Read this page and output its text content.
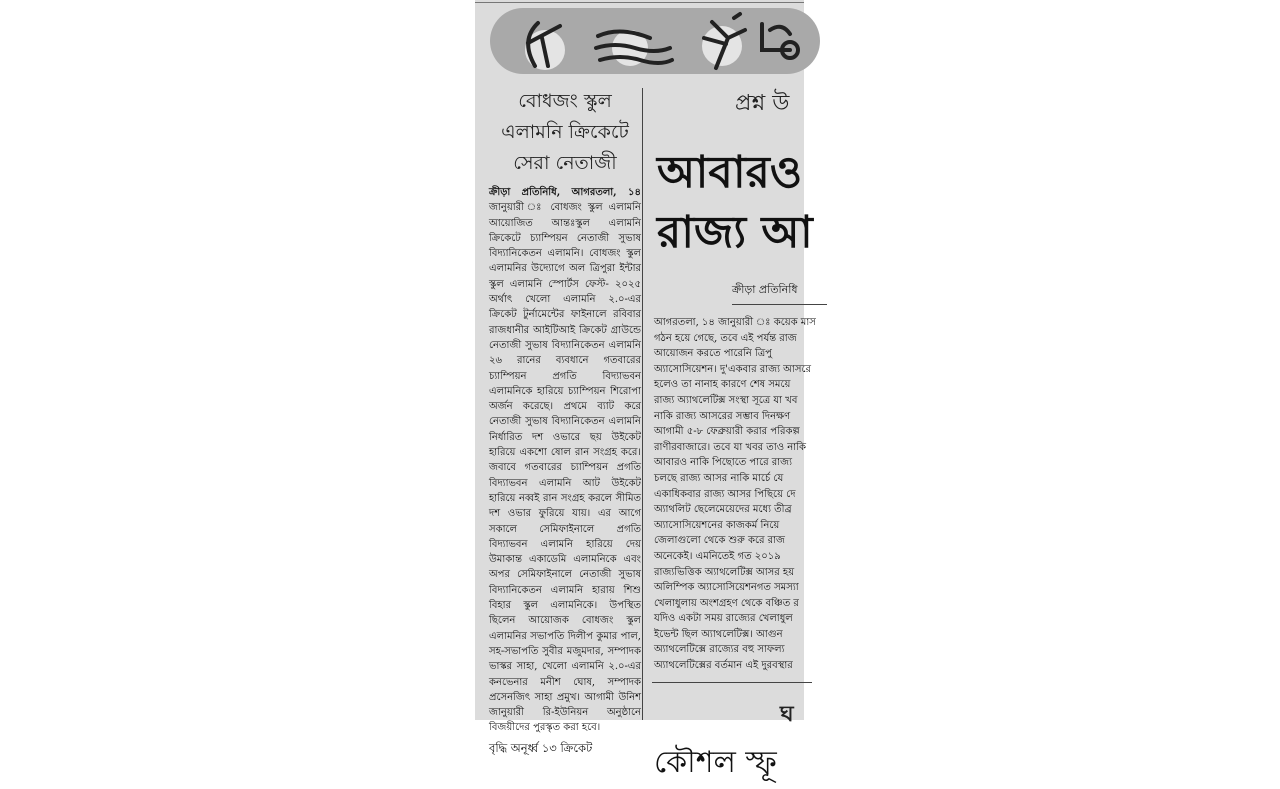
বোধজং স্কুল

এলামনি ক্রিকেটে

সেরা নেতাজী

ক্রীড়া প্রতিনিধি, আগরতলা, ১৪ জানুয়ারী ঃ বোধজং স্কুল এলামনি আয়োজিত আন্তঃস্কুল এলামনি ক্রিকেটে চ্যাম্পিয়ন নেতাজী সুভাষ বিদ্যানিকেতন এলামনি। বোধজং স্কুল এলামনির উদ্যোগে অল ত্রিপুরা ইন্টার স্কুল এলামনি স্পোর্টস ফেস্ট- ২০২৫ অর্থাৎ খেলো এলামনি ২.০-এর ক্রিকেট টুর্নামেন্টের ফাইনালে রবিবার রাজধানীর আইটিআই ক্রিকেট গ্রাউন্ডে নেতাজী সুভাষ বিদ্যানিকেতন এলামনি ২৬ রানের ব্যবধানে গতবারের চ্যাম্পিয়ন প্রগতি বিদ্যাভবন এলামনিকে হারিয়ে চ্যাম্পিয়ন শিরোপা অর্জন করেছে। প্রথমে ব্যাট করে নেতাজী সুভাষ বিদ্যানিকেতন এলামনি নির্ধারিত দশ ওভারে ছয় উইকেট হারিয়ে একশো ষোল রান সংগ্রহ করে। জবাবে গতবারের চ্যাম্পিয়ন প্রগতি বিদ্যাভবন এলামনি আট উইকেট হারিয়ে নব্বই রান সংগ্রহ করলে সীমিত দশ ওভার ফুরিয়ে যায়। এর আগে সকালে সেমিফাইনালে প্রগতি বিদ্যাভবন এলামনি হারিয়ে দেয় উমাকান্ত একাডেমি এলামনিকে এবং অপর সেমিফাইনালে নেতাজী সুভাষ বিদ্যানিকেতন এলামনি হারায় শিশু বিহার স্কুল এলামনিকে। উপস্থিত ছিলেন আয়োজক বোধজং স্কুল এলামনির সভাপতি দিলীপ কুমার পাল, সহ-সভাপতি সুবীর মজুমদার, সম্পাদক ভাস্কর সাহা, খেলো এলামনি ২.০-এর কনভেনার মনীশ ঘোষ, সম্পাদক প্রসেনজিৎ সাহা প্রমুখ। আগামী উনিশ জানুয়ারী রি-ইউনিয়ন অনুষ্ঠানে বিজয়ীদের পুরস্কৃত করা হবে।
বৃদ্ধি অনূর্ধ্ব ১৩ ক্রিকেট
প্রশ্ন উ
আবারও
রাজ্য আ
ক্রীড়া প্রতিনিধি
আগরতলা, ১৪ জানুয়ারী ঃ কয়েক মাস
গঠন হয়ে গেছে, তবে এই পর্যন্ত রাজ
আয়োজন করতে পারেনি ত্রিপু
অ্যাসোসিয়েশন। দু'একবার রাজ্য আসরে
হলেও তা নানাহ কারণে শেষ সময়ে
রাজ্য অ্যাথলেটিক্স সংস্থা সূত্রে যা খব
নাকি রাজ্য আসরের সম্ভাব দিনক্ষণ
আগামী ৫-৮ ফেব্রুয়ারী করার পরিকল্প
রাণীরবাজারে। তবে যা খবর তাও নাকি
আবারও নাকি পিছোতে পারে রাজ্য
চলছে রাজ্য আসর নাকি মার্চে যে
একাধিকবার রাজ্য আসর পিছিয়ে দে
অ্যাথলিট ছেলেমেয়েদের মধ্যে তীব্র
অ্যাসোসিয়েশনের কাজকর্ম নিয়ে
জেলাগুলো থেকে শুরু করে রাজ
অনেকেই। এমনিতেই গত ২০১৯
রাজ্যভিত্তিক অ্যাথলেটিক্স আসর হয়
অলিম্পিক অ্যাসোসিয়েশনগত সমস্যা
খেলাধুলায় অংশগ্রহণ থেকে বঞ্চিত র
যদিও একটা সময় রাজ্যের খেলাধুল
ইভেন্ট ছিল অ্যাথলেটিক্স। আগুন
অ্যাথলেটিক্সে রাজ্যের বহু সাফল্য
অ্যাথলেটিক্সের বর্তমান এই দুরবস্থার
ঘ
কৌশল স্ফূ
